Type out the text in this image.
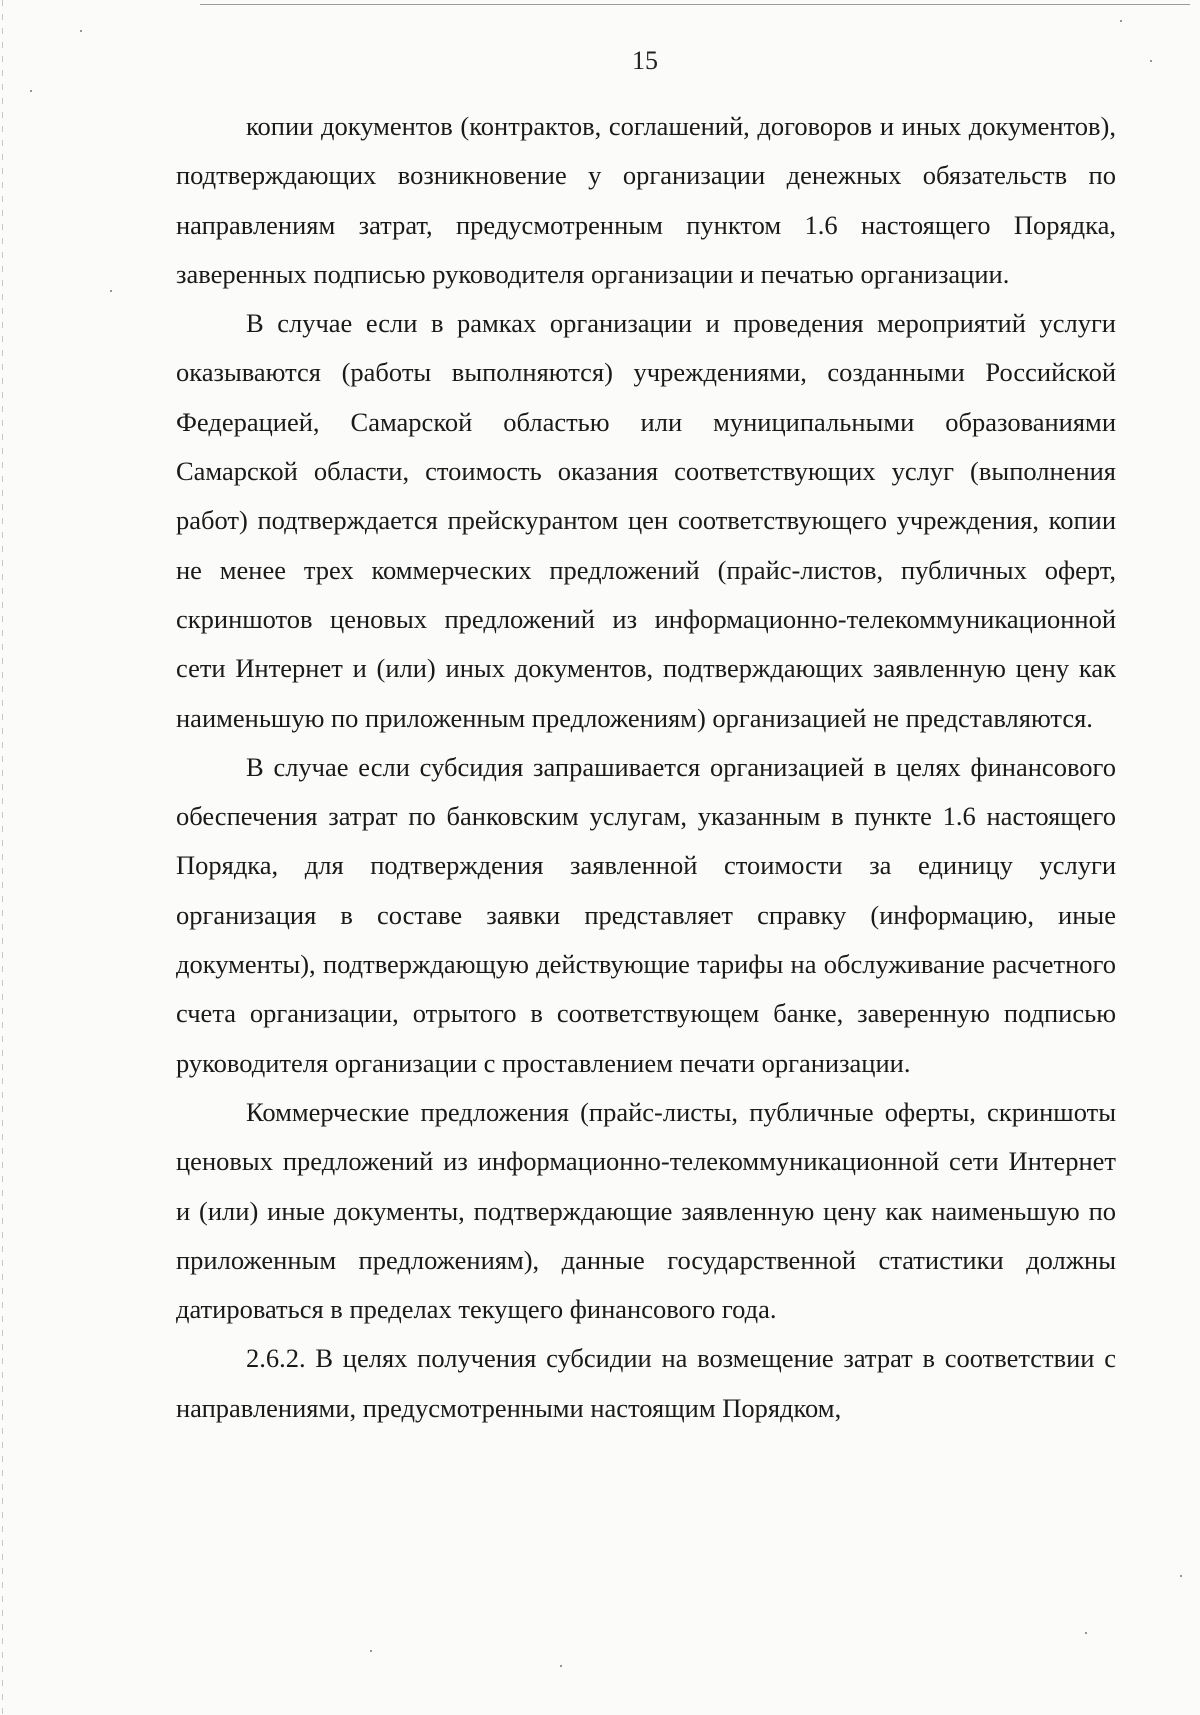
15

копии документов (контрактов, соглашений, договоров и иных документов), подтверждающих возникновение у организации денежных обязательств по направлениям затрат, предусмотренным пунктом 1.6 настоящего Порядка, заверенных подписью руководителя организации и печатью организации.

В случае если в рамках организации и проведения мероприятий услуги оказываются (работы выполняются) учреждениями, созданными Российской Федерацией, Самарской областью или муниципальными образованиями Самарской области, стоимость оказания соответствующих услуг (выполнения работ) подтверждается прейскурантом цен соответствующего учреждения, копии не менее трех коммерческих предложений (прайс-листов, публичных оферт, скриншотов ценовых предложений из информационно-телекоммуникационной сети Интернет и (или) иных документов, подтверждающих заявленную цену как наименьшую по приложенным предложениям) организацией не представляются.

В случае если субсидия запрашивается организацией в целях финансового обеспечения затрат по банковским услугам, указанным в пункте 1.6 настоящего Порядка, для подтверждения заявленной стоимости за единицу услуги организация в составе заявки представляет справку (информацию, иные документы), подтверждающую действующие тарифы на обслуживание расчетного счета организации, отрытого в соответствующем банке, заверенную подписью руководителя организации с проставлением печати организации.

Коммерческие предложения (прайс-листы, публичные оферты, скриншоты ценовых предложений из информационно-телекоммуникационной сети Интернет и (или) иные документы, подтверждающие заявленную цену как наименьшую по приложенным предложениям), данные государственной статистики должны датироваться в пределах текущего финансового года.

2.6.2. В целях получения субсидии на возмещение затрат в соответствии с направлениями, предусмотренными настоящим Порядком,
